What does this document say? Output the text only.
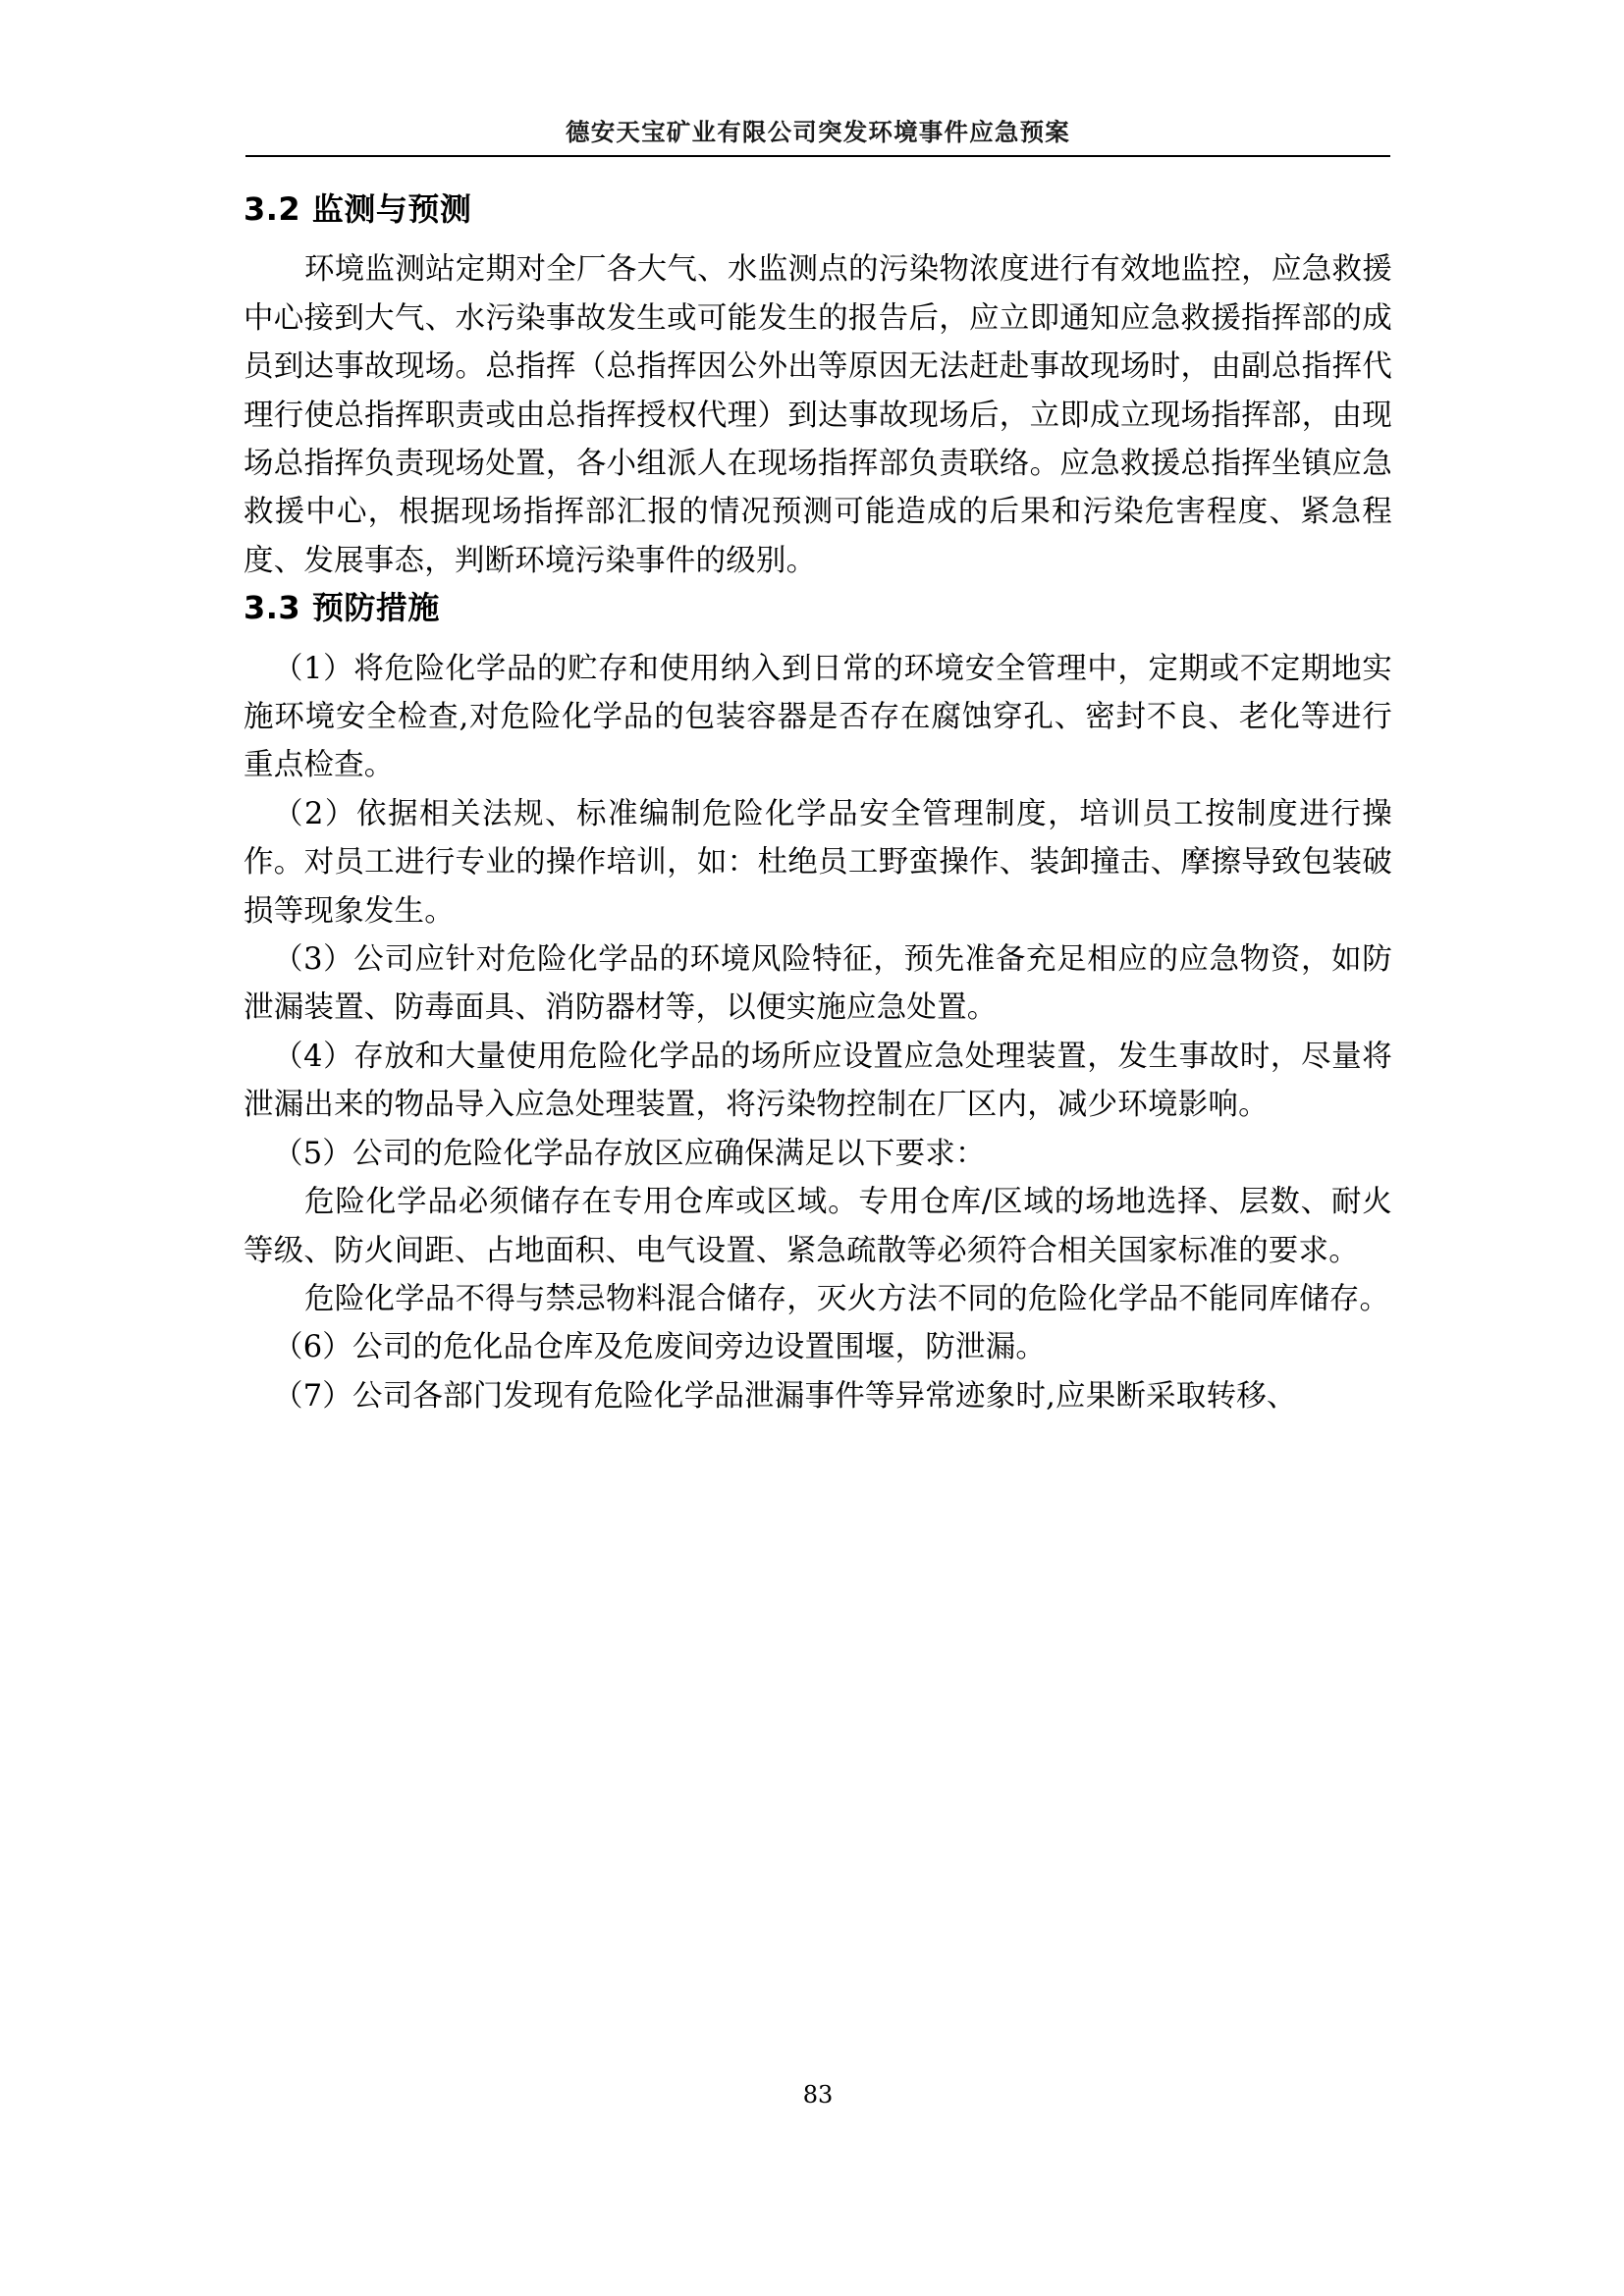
德安天宝矿业有限公司突发环境事件应急预案
3.2 监测与预测

环境监测站定期对全厂各大气、水监测点的污染物浓度进行有效地监控，应急救援中心接到大气、水污染事故发生或可能发生的报告后，应立即通知应急救援指挥部的成员到达事故现场。总指挥（总指挥因公外出等原因无法赶赴事故现场时，由副总指挥代理行使总指挥职责或由总指挥授权代理）到达事故现场后，立即成立现场指挥部，由现场总指挥负责现场处置，各小组派人在现场指挥部负责联络。应急救援总指挥坐镇应急救援中心，根据现场指挥部汇报的情况预测可能造成的后果和污染危害程度、紧急程度、发展事态，判断环境污染事件的级别。

3.3 预防措施

（1）将危险化学品的贮存和使用纳入到日常的环境安全管理中，定期或不定期地实施环境安全检查,对危险化学品的包装容器是否存在腐蚀穿孔、密封不良、老化等进行重点检查。

（2）依据相关法规、标准编制危险化学品安全管理制度，培训员工按制度进行操作。对员工进行专业的操作培训，如：杜绝员工野蛮操作、装卸撞击、摩擦导致包装破损等现象发生。

（3）公司应针对危险化学品的环境风险特征，预先准备充足相应的应急物资，如防泄漏装置、防毒面具、消防器材等，以便实施应急处置。

（4）存放和大量使用危险化学品的场所应设置应急处理装置，发生事故时，尽量将泄漏出来的物品导入应急处理装置，将污染物控制在厂区内，减少环境影响。

（5）公司的危险化学品存放区应确保满足以下要求：

危险化学品必须储存在专用仓库或区域。专用仓库/区域的场地选择、层数、耐火等级、防火间距、占地面积、电气设置、紧急疏散等必须符合相关国家标准的要求。

危险化学品不得与禁忌物料混合储存，灭火方法不同的危险化学品不能同库储存。

（6）公司的危化品仓库及危废间旁边设置围堰，防泄漏。

（7）公司各部门发现有危险化学品泄漏事件等异常迹象时,应果断采取转移、

83
